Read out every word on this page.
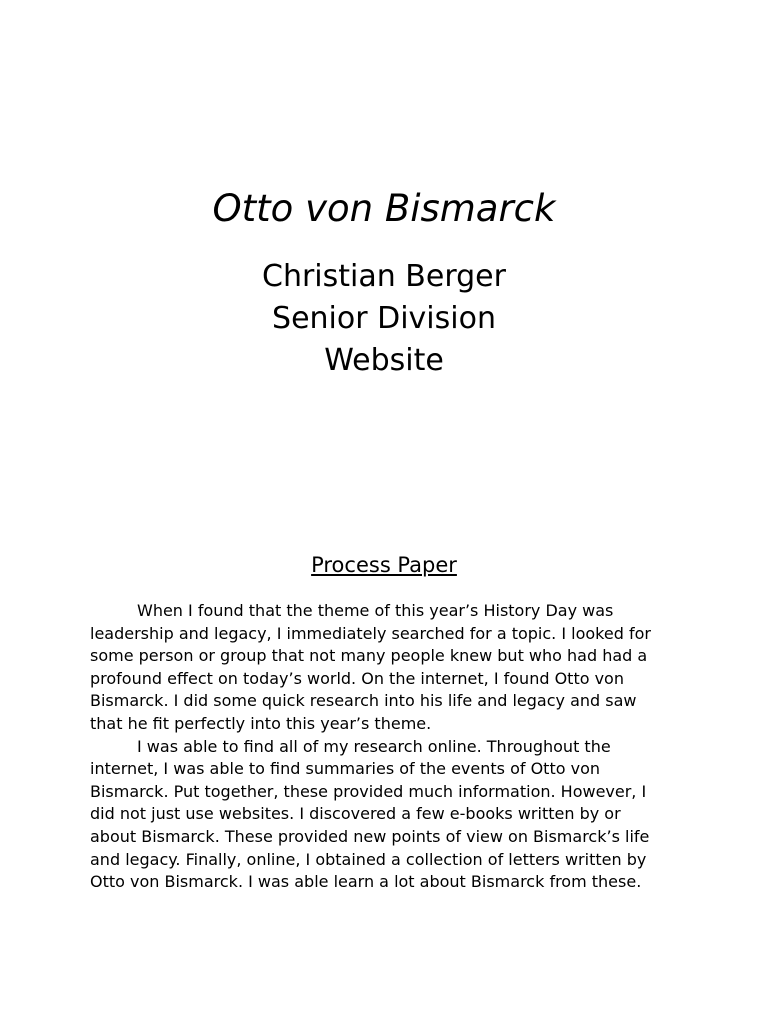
Otto von Bismarck
Christian Berger
Senior Division
Website
Process Paper
When I found that the theme of this year’s History Day was
leadership and legacy, I immediately searched for a topic. I looked for
some person or group that not many people knew but who had had a
profound effect on today’s world. On the internet, I found Otto von
Bismarck. I did some quick research into his life and legacy and saw
that he fit perfectly into this year’s theme.
I was able to find all of my research online. Throughout the
internet, I was able to find summaries of the events of Otto von
Bismarck. Put together, these provided much information. However, I
did not just use websites. I discovered a few e-books written by or
about Bismarck. These provided new points of view on Bismarck’s life
and legacy. Finally, online, I obtained a collection of letters written by
Otto von Bismarck. I was able learn a lot about Bismarck from these.
